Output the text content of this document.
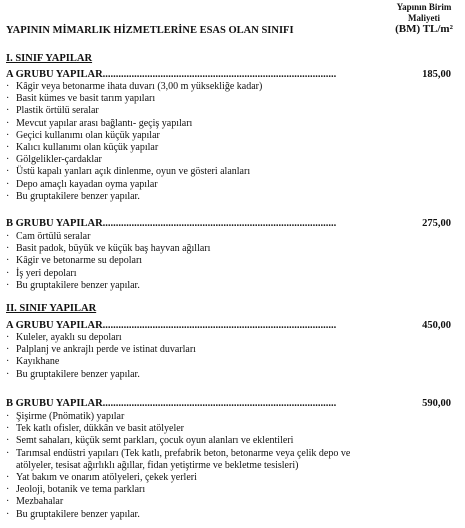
Yapının Birim
Maliyeti
(BM) TL/m²
YAPININ MİMARLIK HİZMETLERİNE ESAS OLAN SINIFI
I. SINIF YAPILAR
A GRUBU YAPILAR.........................................................................................	185,00
· Kâgir veya betonarme ihata duvarı (3,00 m yüksekliğe kadar)
· Basit kümes ve basit tarım yapıları
· Plastik örtülü seralar
· Mevcut yapılar arası bağlantı- geçiş yapıları
· Geçici kullanımı olan küçük yapılar
· Kalıcı kullanımı olan küçük yapılar
· Gölgelikler-çardaklar
· Üstü kapalı yanları açık dinlenme, oyun ve gösteri alanları
· Depo amaçlı kayadan oyma yapılar
· Bu gruptakilere benzer yapılar.
B GRUBU YAPILAR.........................................................................................	275,00
· Cam örtülü seralar
· Basit padok, büyük ve küçük baş hayvan ağılları
· Kâgir ve betonarme su depoları
· İş yeri depoları
· Bu gruptakilere benzer yapılar.
II. SINIF YAPILAR
A GRUBU YAPILAR.........................................................................................	450,00
· Kuleler, ayaklı su depoları
· Palplanj ve ankrajlı perde ve istinat duvarları
· Kayıkhane
· Bu gruptakilere benzer yapılar.
B GRUBU YAPILAR.........................................................................................	590,00
· Şişirme (Pnömatik) yapılar
· Tek katlı ofisler, dükkân ve basit atölyeler
· Semt sahaları, küçük semt parkları, çocuk oyun alanları ve eklentileri
· Tarımsal endüstri yapıları (Tek katlı, prefabrik beton, betonarme veya çelik depo ve
atölyeler, tesisat ağırlıklı ağıllar, fidan yetiştirme ve bekletme tesisleri)
· Yat bakım ve onarım atölyeleri, çekek yerleri
· Jeoloji, botanik ve tema parkları
· Mezbahalar
· Bu gruptakilere benzer yapılar.
